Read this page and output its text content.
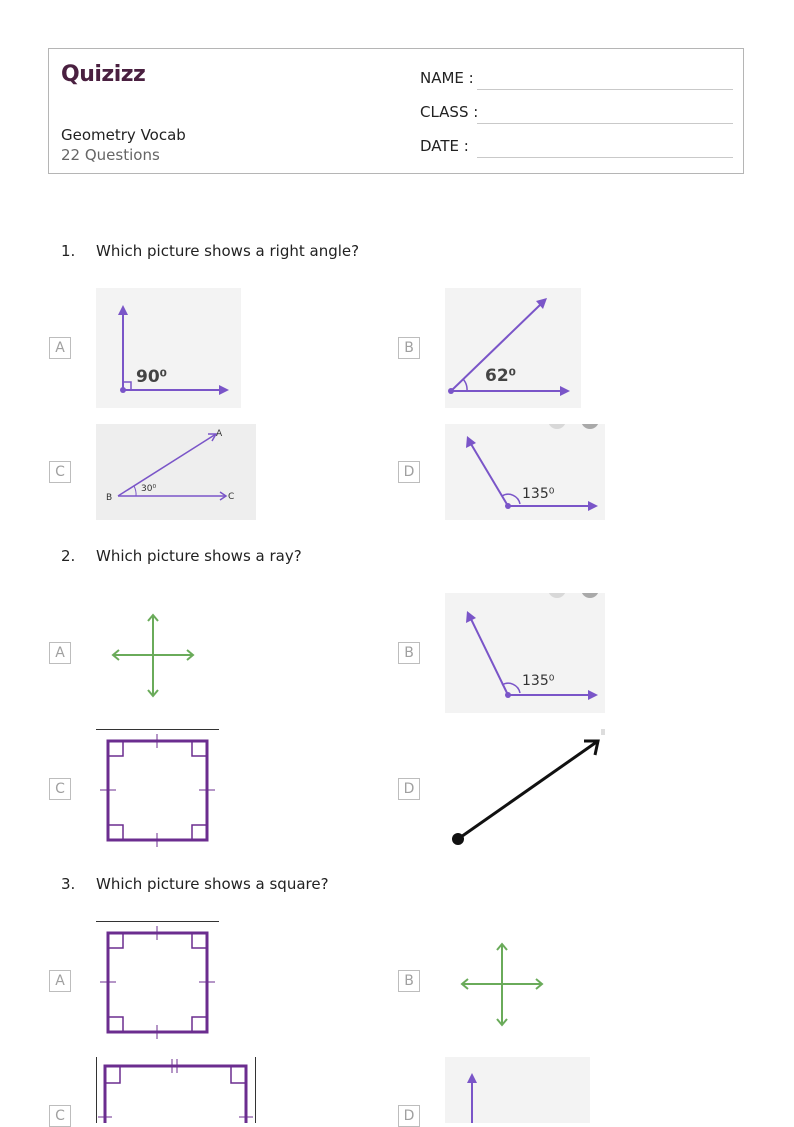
Quizizz
Geometry Vocab
22 Questions
NAME :
CLASS :
DATE :
1. Which picture shows a right angle?
A
90⁰
B
62⁰
C
A
B	C
30⁰
D
135⁰
2. Which picture shows a ray?
A	B
135⁰
C	D
3. Which picture shows a square?
A	B
C	D
